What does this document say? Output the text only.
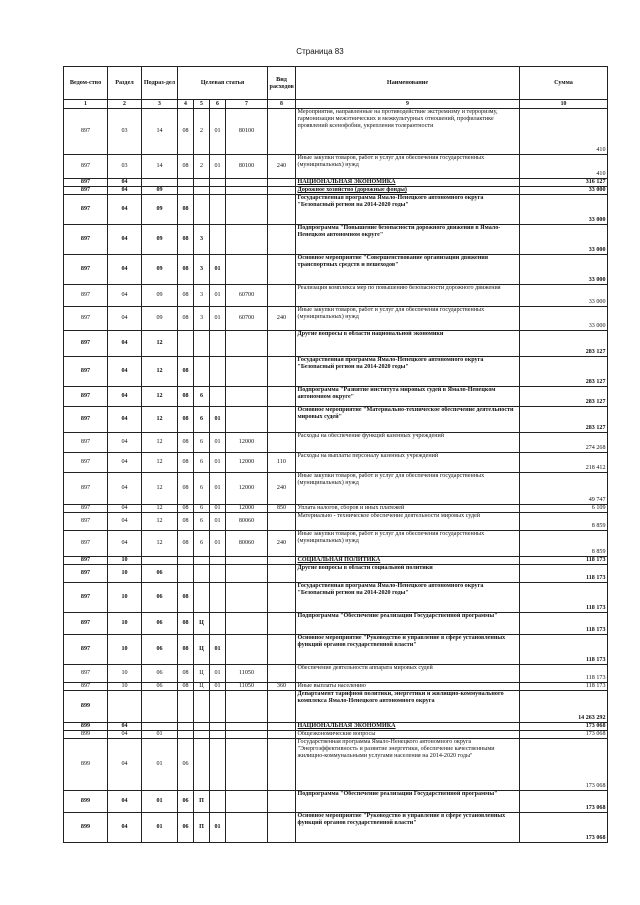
Страница 83
Ведом-ство	Раздел	Подраз-дел	Целевая статья				Вид расходов	Наименование	Сумма
1	2	3	4	5	6	7	8	9	10
897	03	14	08	2	01	80100		Мероприятия, направленные на противодействие экстремизму и терроризму, гармонизации межэтнических и межкультурных отношений, профилактике проявлений ксенофобии, укрепления толерантности	410
897	03	14	08	2	01	80100	240	Иные закупки товаров, работ и услуг для обеспечения государственных (муниципальных) нужд	410
897	04							НАЦИОНАЛЬНАЯ ЭКОНОМИКА	316 127
897	04	09						Дорожное хозяйство (дорожные фонды)	33 000
897	04	09	08					Государственная программа Ямало-Ненецкого автономного округа "Безопасный регион на 2014-2020 годы"	33 000
897	04	09	08	3				Подпрограмма "Повышение безопасности дорожного движения в Ямало-Ненецком автономном округе"	33 000
897	04	09	08	3	01			Основное мероприятие "Совершенствование организации движения транспортных средств и пешеходов"	33 000
897	04	09	08	3	01	60700		Реализация комплекса мер по повышению безопасности дорожного движения	33 000
897	04	09	08	3	01	60700	240	Иные закупки товаров, работ и услуг для обеспечения государственных (муниципальных) нужд	33 000
897	04	12						Другие вопросы в области национальной экономики	283 127
897	04	12	08					Государственная программа Ямало-Ненецкого автономного округа "Безопасный регион на 2014-2020 годы"	283 127
897	04	12	08	6				Подпрограмма "Развитие института мировых судей в Ямало-Ненецком автономном округе"	283 127
897	04	12	08	6	01			Основное мероприятие "Материально-техническое обеспечение деятельности мировых судей"	283 127
897	04	12	08	6	01	12000		Расходы на обеспечение функций казенных учреждений	274 268
897	04	12	08	6	01	12000	110	Расходы на выплаты персоналу казенных учреждений	218 412
897	04	12	08	6	01	12000	240	Иные закупки товаров, работ и услуг для обеспечения государственных (муниципальных) нужд	49 747
897	04	12	08	6	01	12000	850	Уплата налогов, сборов и иных платежей	6 109
897	04	12	08	6	01	80060		Материально - техническое обеспечение деятельности мировых судей	8 859
897	04	12	08	6	01	80060	240	Иные закупки товаров, работ и услуг для обеспечения государственных (муниципальных) нужд	8 859
897	10							СОЦИАЛЬНАЯ ПОЛИТИКА	118 173
897	10	06						Другие вопросы в области социальной политики	118 173
897	10	06	08					Государственная программа Ямало-Ненецкого автономного округа "Безопасный регион на 2014-2020 годы"	118 173
897	10	06	08	Ц				Подпрограмма "Обеспечение реализации Государственной программы"	118 173
897	10	06	08	Ц	01			Основное мероприятие "Руководство и управление в сфере установленных функций органов государственной власти"	118 173
897	10	06	08	Ц	01	11050		Обеспечение деятельности аппарата мировых судей	118 173
897	10	06	08	Ц	01	11050	360	Иные выплаты населению	118 173
899								Департамент тарифной политики, энергетики и жилищно-коммунального комплекса Ямало-Ненецкого автономного округа	14 263 292
899	04							НАЦИОНАЛЬНАЯ ЭКОНОМИКА	173 068
899	04	01						Общеэкономические вопросы	173 068
899	04	01	06					Государственная программа Ямало-Ненецкого автономного округа "Энергоэффективность и развитие энергетики, обеспечение качественными жилищно-коммунальными услугами населения на 2014-2020 годы"	173 068
899	04	01	06	П				Подпрограмма "Обеспечение реализации Государственной программы"	173 068
899	04	01	06	П	01			Основное мероприятие "Руководство и управление в сфере установленных функций органов государственной власти"	173 068
